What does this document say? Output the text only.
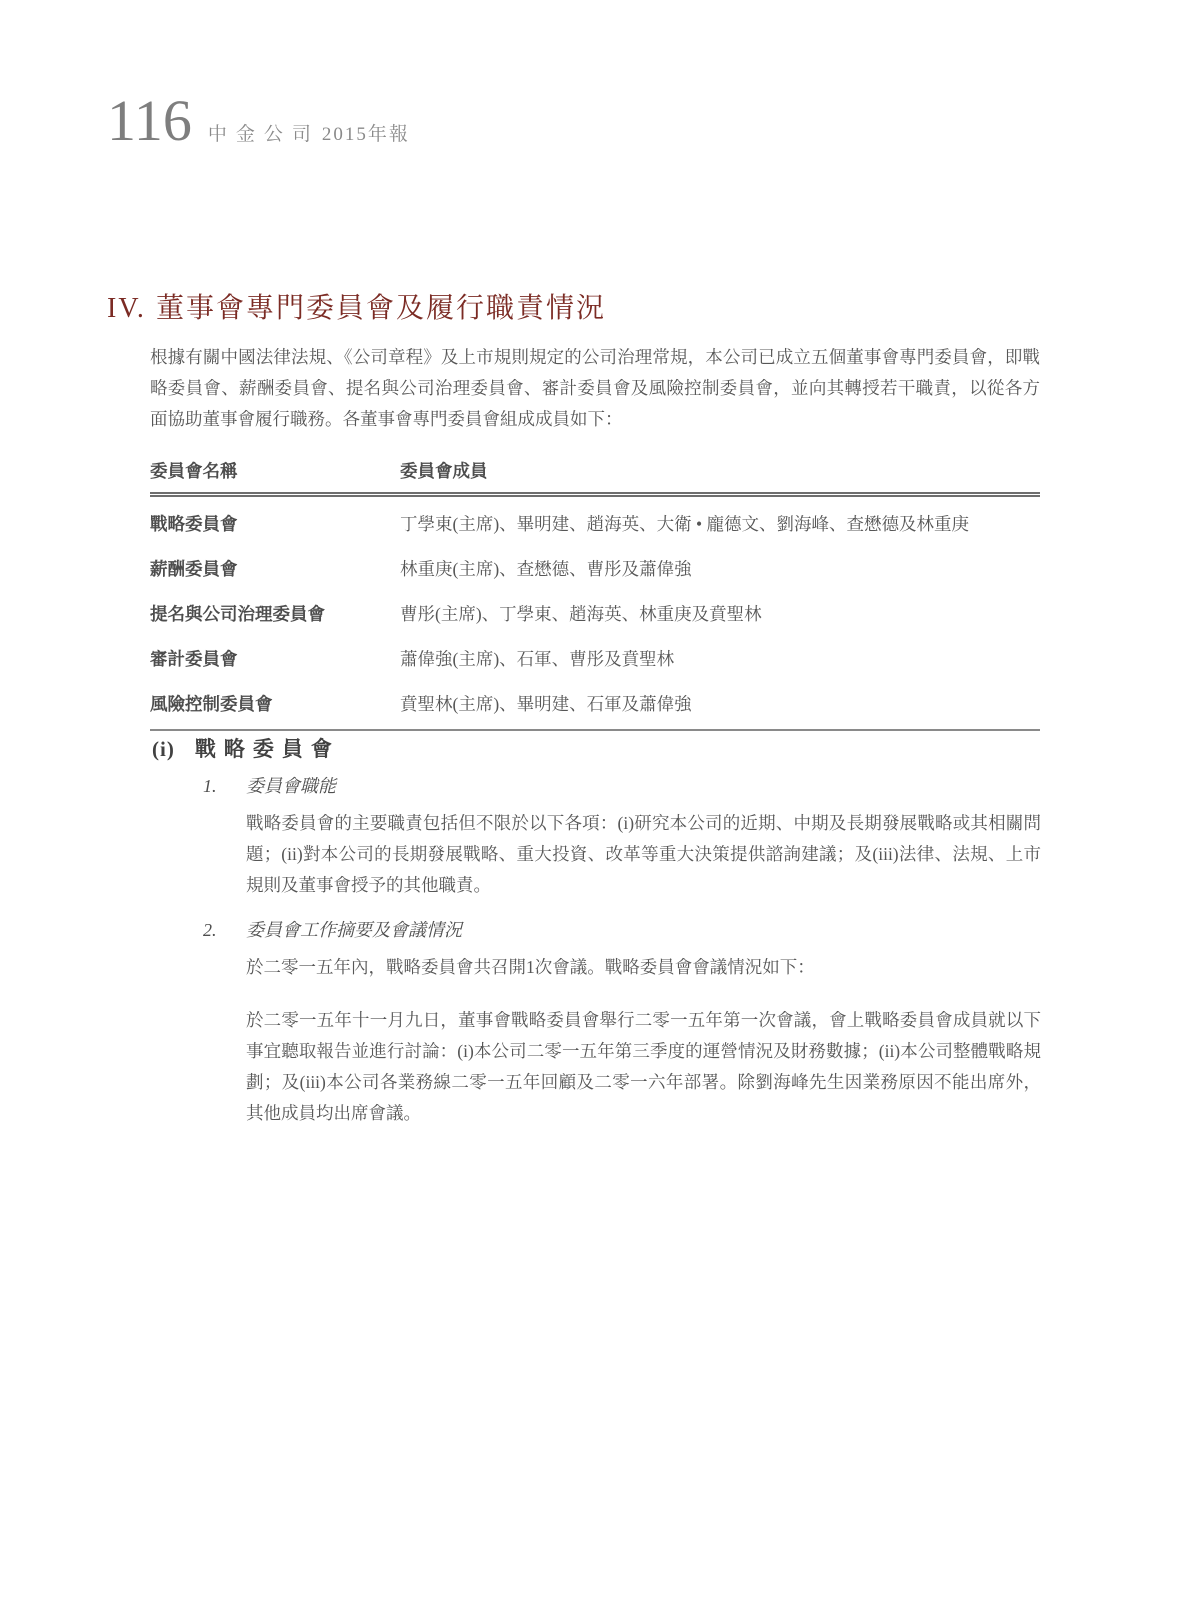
116 中金公司 2015年報
IV. 董事會專門委員會及履行職責情況

根據有關中國法律法規、《公司章程》及上市規則規定的公司治理常規，本公司已成立五個董事會專門委員會，即戰略委員會、薪酬委員會、提名與公司治理委員會、審計委員會及風險控制委員會，並向其轉授若干職責，以從各方面協助董事會履行職務。各董事會專門委員會組成成員如下：

委員會名稱	委員會成員
戰略委員會	丁學東(主席)、畢明建、趙海英、大衛 • 龐德文、劉海峰、查懋德及林重庚
薪酬委員會	林重庚(主席)、查懋德、曹彤及蕭偉強
提名與公司治理委員會	曹彤(主席)、丁學東、趙海英、林重庚及賁聖林
審計委員會	蕭偉強(主席)、石軍、曹彤及賁聖林
風險控制委員會	賁聖林(主席)、畢明建、石軍及蕭偉強
(i) 戰略委員會
1. 委員會職能

戰略委員會的主要職責包括但不限於以下各項：(i)研究本公司的近期、中期及長期發展戰略或其相關問題；(ii)對本公司的長期發展戰略、重大投資、改革等重大決策提供諮詢建議；及(iii)法律、法規、上市規則及董事會授予的其他職責。

2. 委員會工作摘要及會議情況

於二零一五年內，戰略委員會共召開1次會議。戰略委員會會議情況如下：

於二零一五年十一月九日，董事會戰略委員會舉行二零一五年第一次會議，會上戰略委員會成員就以下事宜聽取報告並進行討論：(i)本公司二零一五年第三季度的運營情況及財務數據；(ii)本公司整體戰略規劃；及(iii)本公司各業務線二零一五年回顧及二零一六年部署。除劉海峰先生因業務原因不能出席外，其他成員均出席會議。
